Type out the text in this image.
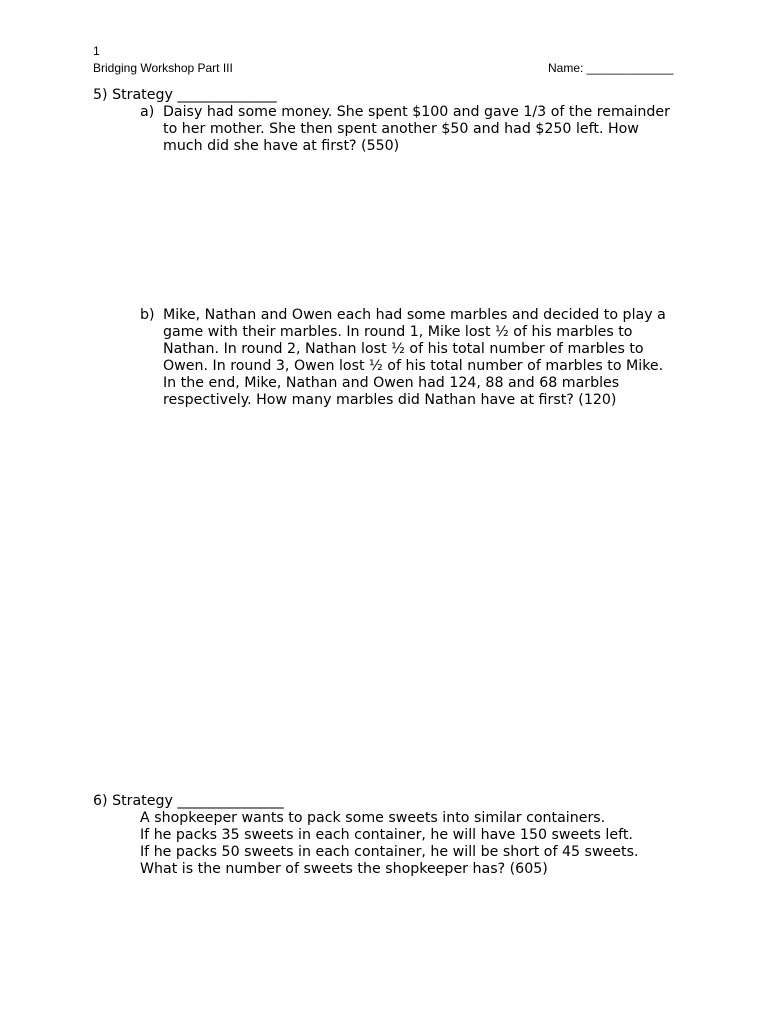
1
Bridging Workshop Part III	Name: _____________
5) Strategy ______________
a) Daisy had some money. She spent $100 and gave 1/3 of the remainder
to her mother. She then spent another $50 and had $250 left. How
much did she have at first? (550)
b) Mike, Nathan and Owen each had some marbles and decided to play a
game with their marbles. In round 1, Mike lost ½ of his marbles to
Nathan. In round 2, Nathan lost ½ of his total number of marbles to
Owen. In round 3, Owen lost ½ of his total number of marbles to Mike.
In the end, Mike, Nathan and Owen had 124, 88 and 68 marbles
respectively. How many marbles did Nathan have at first? (120)
6) Strategy _______________
A shopkeeper wants to pack some sweets into similar containers.
If he packs 35 sweets in each container, he will have 150 sweets left.
If he packs 50 sweets in each container, he will be short of 45 sweets.
What is the number of sweets the shopkeeper has? (605)
